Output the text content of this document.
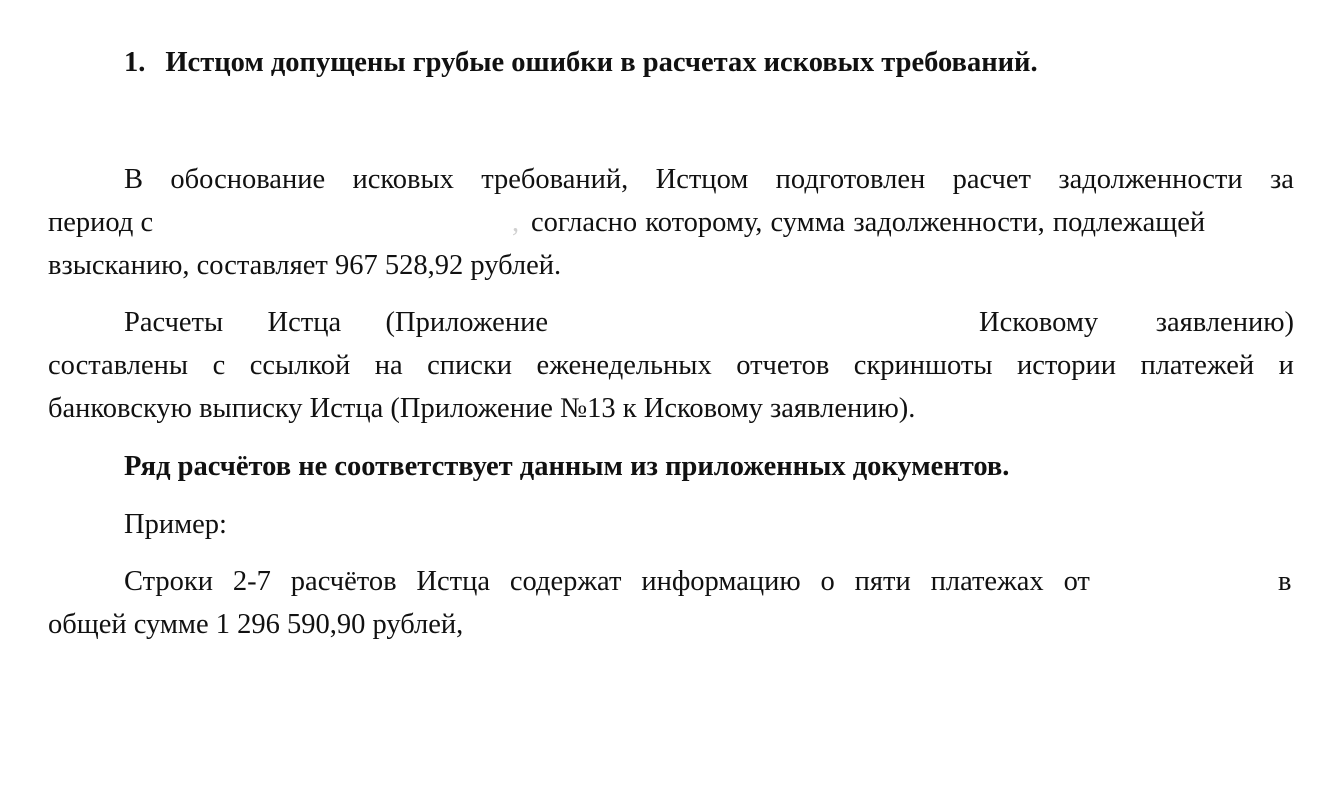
1. Истцом допущены грубые ошибки в расчетах исковых требований.
В обоснование исковых требований, Истцом подготовлен расчет задолженности за
период с	, согласно которому, сумма задолженности, подлежащей
взысканию, составляет 967 528,92 рублей.
Расчеты Истца (Приложение	Исковому заявлению)
составлены с ссылкой на списки еженедельных отчетов скриншоты истории платежей и
банковскую выписку Истца (Приложение №13 к Исковому заявлению).
Ряд расчётов не соответствует данным из приложенных документов.
Пример:
Строки 2-7 расчётов Истца содержат информацию о пяти платежах от	в
общей сумме 1 296 590,90 рублей,
